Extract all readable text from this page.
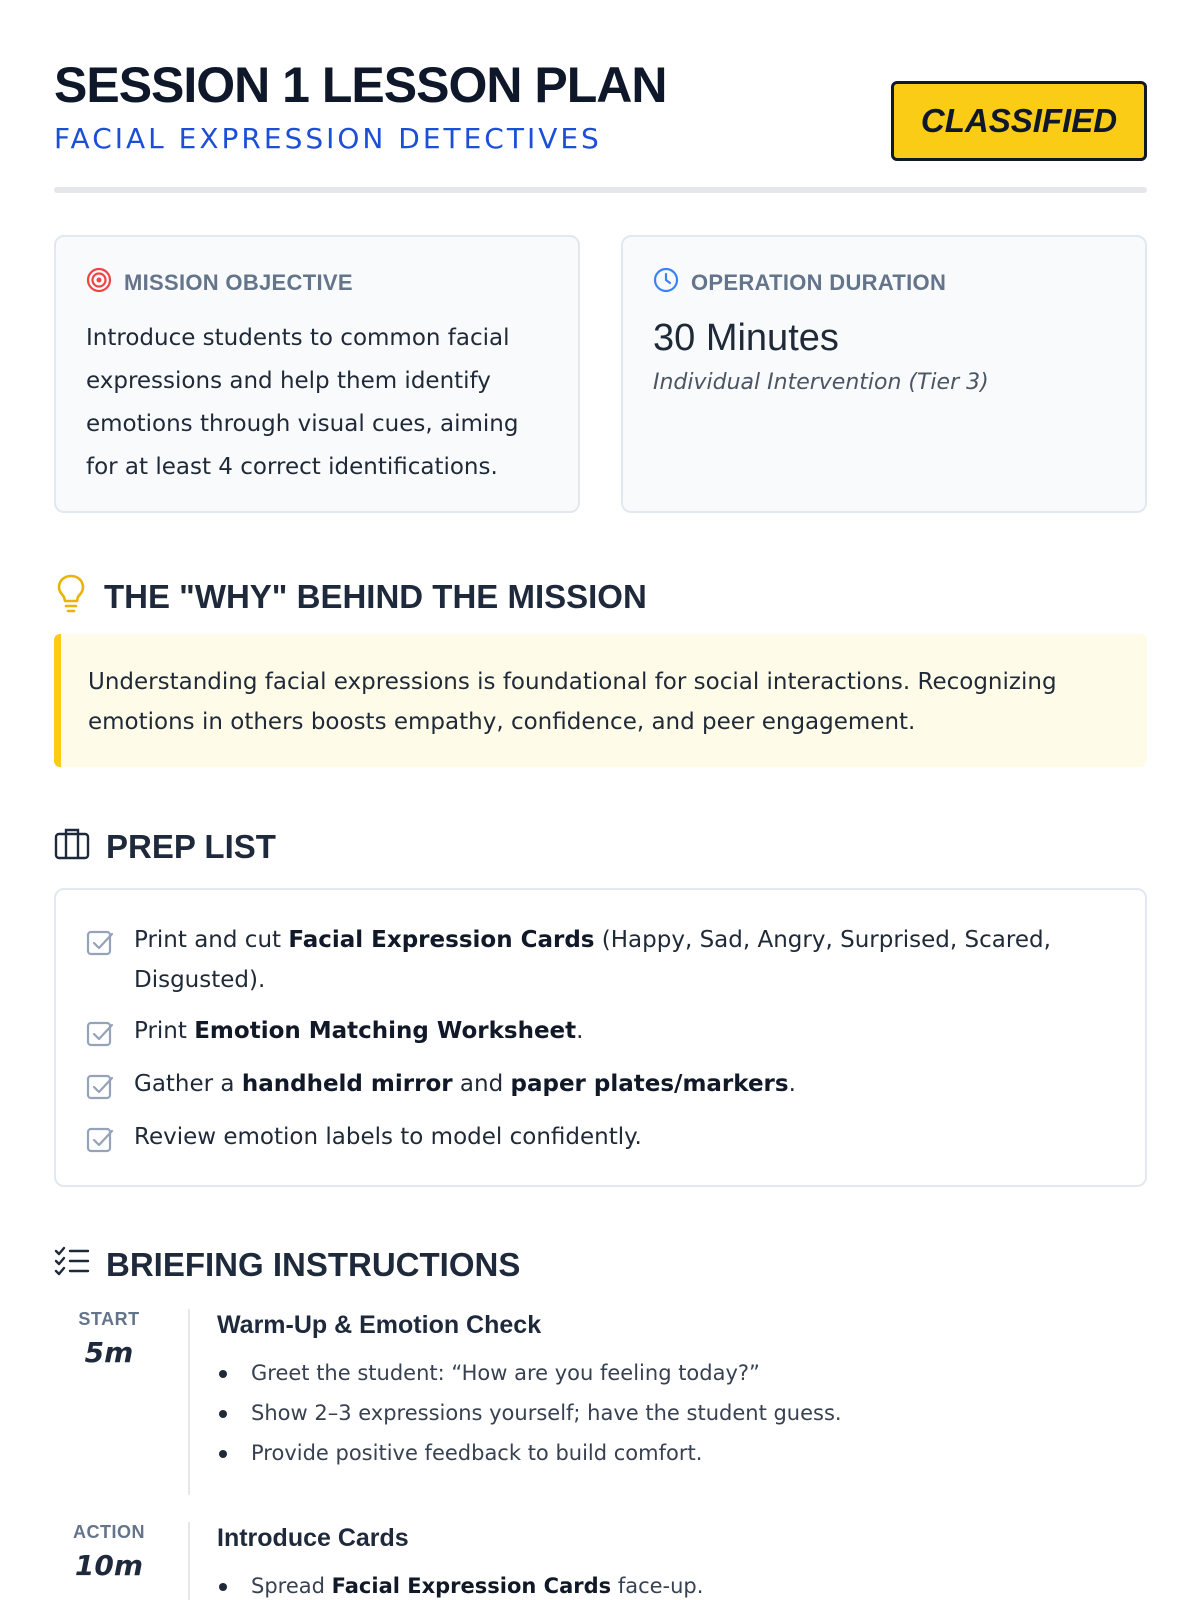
SESSION 1 LESSON PLAN
FACIAL EXPRESSION DETECTIVES	CLASSIFIED
MISSION OBJECTIVE
Introduce students to common facial expressions and help them identify emotions through visual cues, aiming for at least 4 correct identifications.
OPERATION DURATION
30 Minutes
Individual Intervention (Tier 3)
THE "WHY" BEHIND THE MISSION
Understanding facial expressions is foundational for social interactions. Recognizing emotions in others boosts empathy, confidence, and peer engagement.
PREP LIST
Print and cut Facial Expression Cards (Happy, Sad, Angry, Surprised, Scared, Disgusted).
Print Emotion Matching Worksheet.
Gather a handheld mirror and paper plates/markers.
Review emotion labels to model confidently.
BRIEFING INSTRUCTIONS
START
5m
Warm-Up & Emotion Check
Greet the student: “How are you feeling today?”
Show 2–3 expressions yourself; have the student guess.
Provide positive feedback to build comfort.
ACTION
10m
Introduce Cards
Spread Facial Expression Cards face-up.
